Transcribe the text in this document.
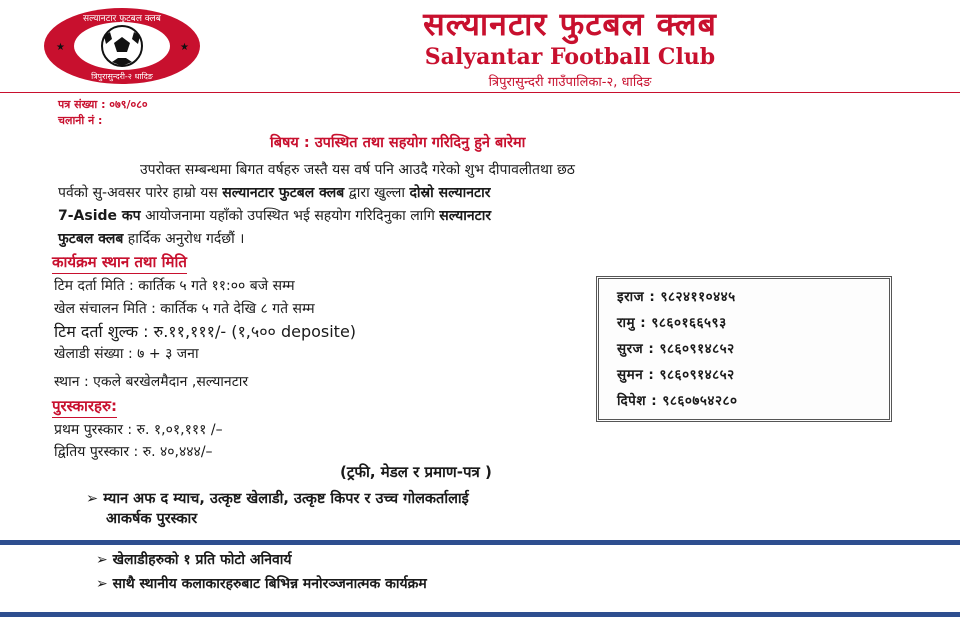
सल्यानटार फुटबल क्लब
त्रिपुरासुन्दरी-२ धादिङ
★	★
सल्यानटार फुटबल क्लब
Salyantar Football Club
त्रिपुरासुन्दरी गाउँपालिका-२, धादिङ
पत्र संख्या : ०७९/०८०
चलानी नं :
बिषय : उपस्थित तथा सहयोग गरिदिनु हुने बारेमा
उपरोक्त सम्बन्धमा बिगत वर्षहरु जस्तै यस वर्ष पनि आउदै गरेको शुभ दीपावलीतथा छठ
पर्वको सु-अवसर पारेर हाम्रो यस सल्यानटार फुटबल क्लब द्वारा खुल्ला दोस्रो सल्यानटार
7-Aside कप आयोजनामा यहाँको उपस्थित भई सहयोग गरिदिनुका लागि सल्यानटार
फुटबल क्लब हार्दिक अनुरोध गर्दछौं ।
कार्यक्रम स्थान तथा मिति
टिम दर्ता मिति : कार्तिक ५ गते ११:०० बजे सम्म
खेल संचालन मिति : कार्तिक ५ गते देखि ८ गते सम्म
टिम दर्ता शुल्क : रु.११,१११/- (१,५०० deposite)
खेलाडी संख्या : ७ + ३ जना
स्थान : एकले बरखेलमैदान ,सल्यानटार
इराज : ९८२४११०४४५
रामु : ९८६०१६६५९३
सुरज : ९८६०९१४८५२
सुमन : ९८६०९१४८५२
दिपेश : ९८६०७५४२८०
पुरस्कारहरु:
प्रथम पुरस्कार : रु. १,०१,१११ /–
द्वितिय पुरस्कार : रु. ४०,४४४/–
(ट्रफी, मेडल र प्रमाण-पत्र )
➢ म्यान अफ द म्याच, उत्कृष्ट खेलाडी, उत्कृष्ट किपर र उच्च गोलकर्तालाई
आकर्षक पुरस्कार
➢ खेलाडीहरुको १ प्रति फोटो अनिवार्य
➢ साथै स्थानीय कलाकारहरुबाट बिभिन्न मनोरञ्जनात्मक कार्यक्रम
